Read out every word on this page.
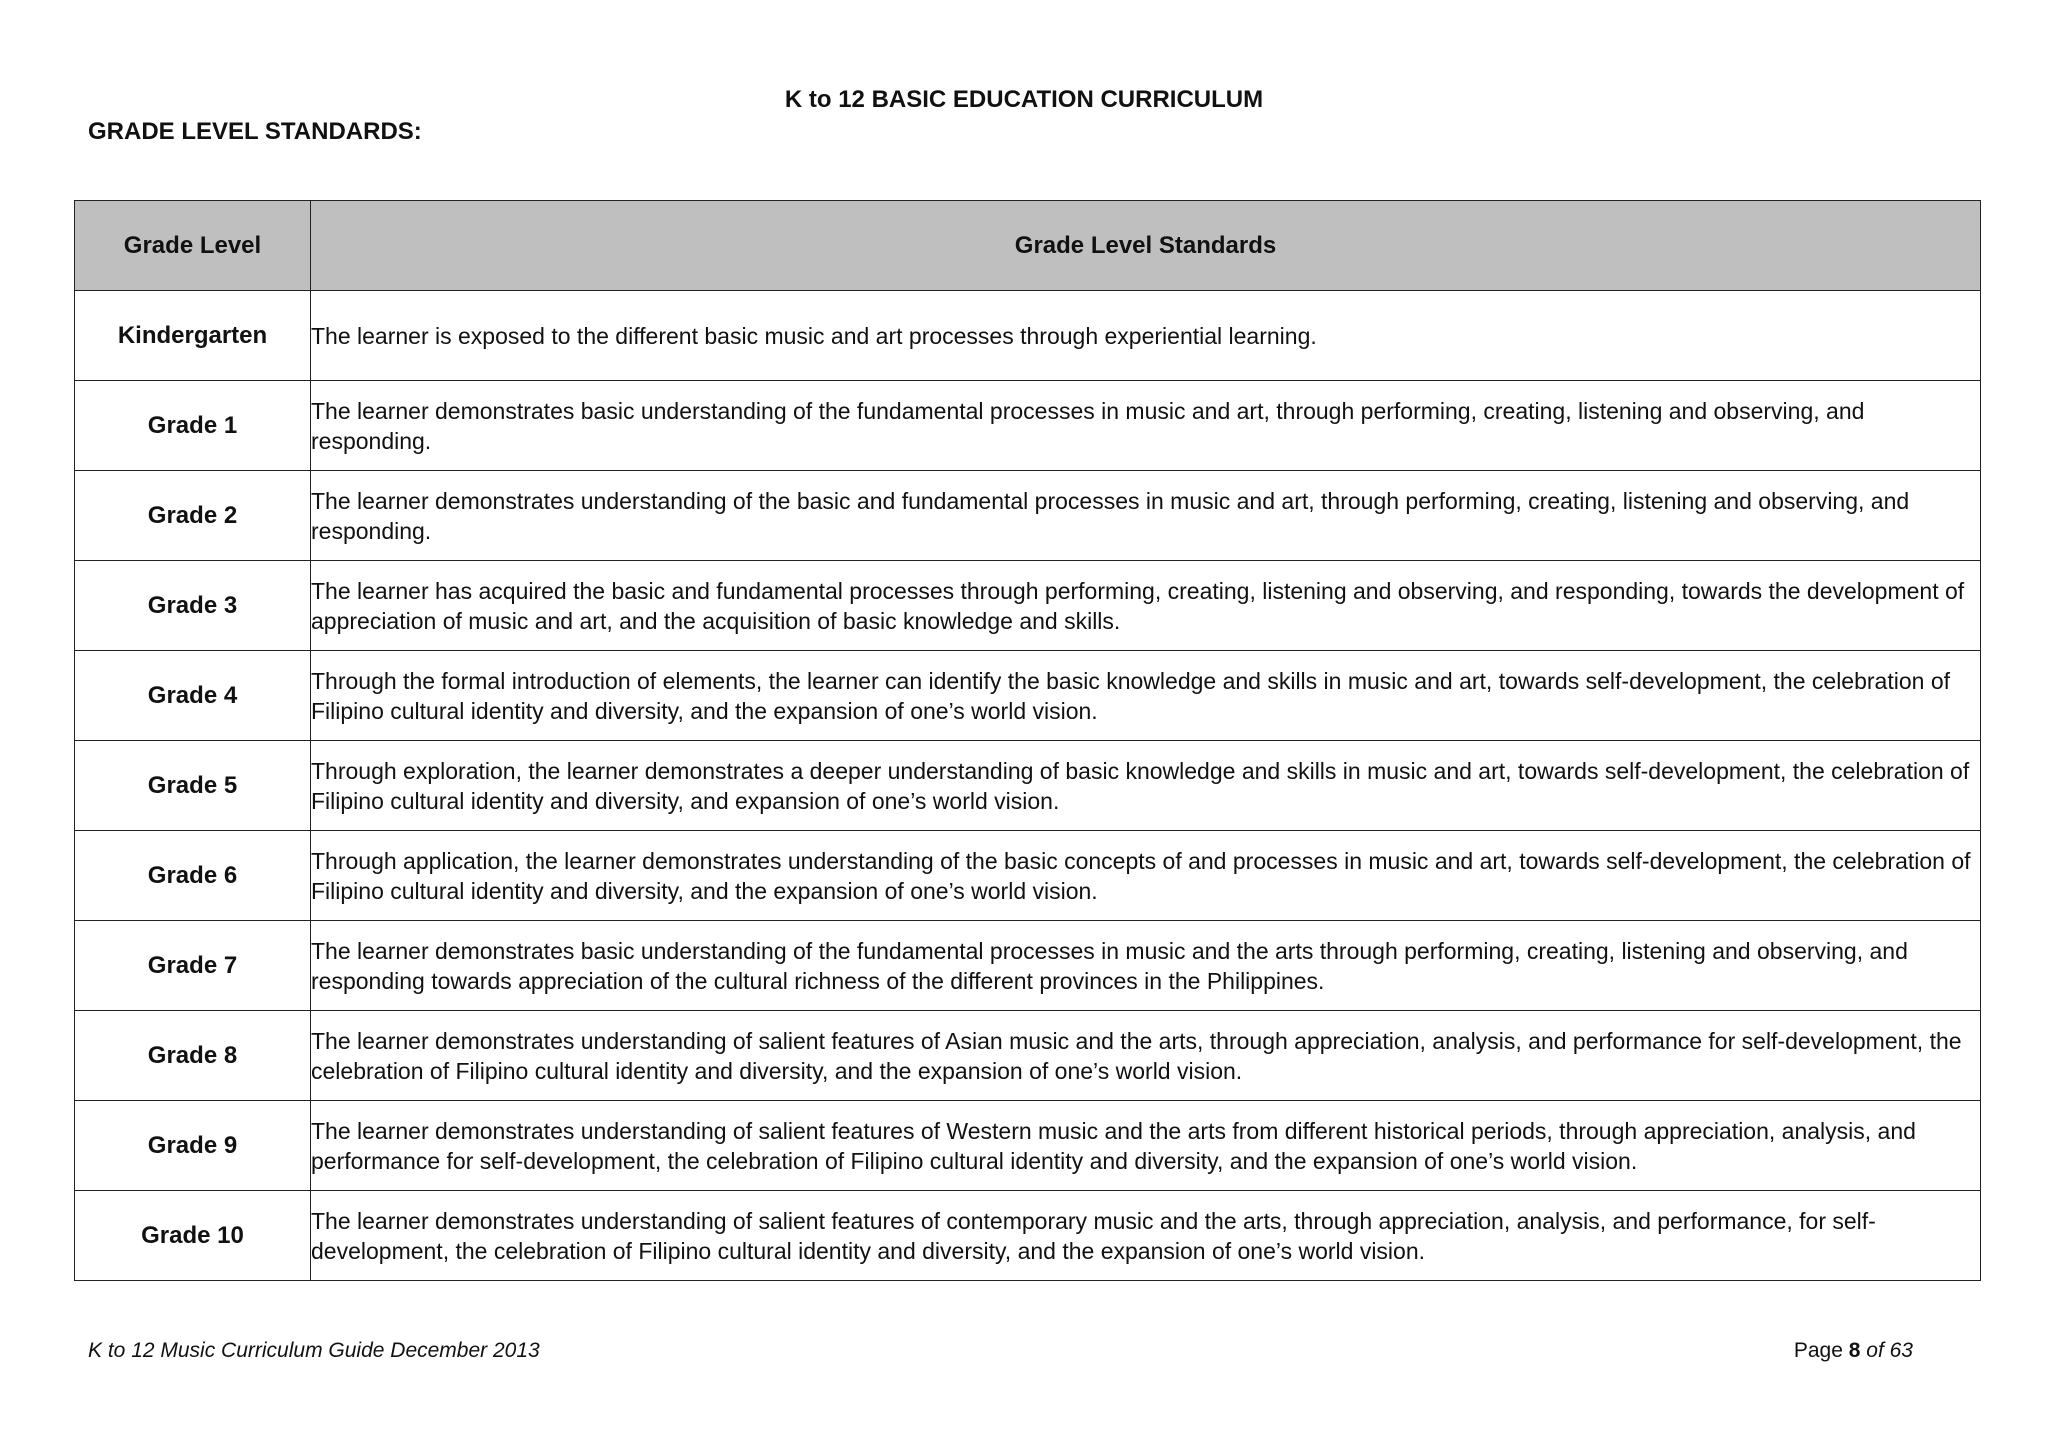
K to 12 BASIC EDUCATION CURRICULUM
GRADE LEVEL STANDARDS:
Grade Level	Grade Level Standards
Kindergarten	The learner is exposed to the different basic music and art processes through experiential learning.
Grade 1	The learner demonstrates basic understanding of the fundamental processes in music and art, through performing, creating, listening and observing, and responding.
Grade 2	The learner demonstrates understanding of the basic and fundamental processes in music and art, through performing, creating, listening and observing, and responding.
Grade 3	The learner has acquired the basic and fundamental processes through performing, creating, listening and observing, and responding, towards the development of appreciation of music and art, and the acquisition of basic knowledge and skills.
Grade 4	Through the formal introduction of elements, the learner can identify the basic knowledge and skills in music and art, towards self-development, the celebration of Filipino cultural identity and diversity, and the expansion of one’s world vision.
Grade 5	Through exploration, the learner demonstrates a deeper understanding of basic knowledge and skills in music and art, towards self-development, the celebration of Filipino cultural identity and diversity, and expansion of one’s world vision.
Grade 6	Through application, the learner demonstrates understanding of the basic concepts of and processes in music and art, towards self-development, the celebration of Filipino cultural identity and diversity, and the expansion of one’s world vision.
Grade 7	The learner demonstrates basic understanding of the fundamental processes in music and the arts through performing, creating, listening and observing, and responding towards appreciation of the cultural richness of the different provinces in the Philippines.
Grade 8	The learner demonstrates understanding of salient features of Asian music and the arts, through appreciation, analysis, and performance for self-development, the celebration of Filipino cultural identity and diversity, and the expansion of one’s world vision.
Grade 9	The learner demonstrates understanding of salient features of Western music and the arts from different historical periods, through appreciation, analysis, and performance for self-development, the celebration of Filipino cultural identity and diversity, and the expansion of one’s world vision.
Grade 10	The learner demonstrates understanding of salient features of contemporary music and the arts, through appreciation, analysis, and performance, for self-development, the celebration of Filipino cultural identity and diversity, and the expansion of one’s world vision.
K to 12 Music Curriculum Guide December 2013	Page 8 of 63
